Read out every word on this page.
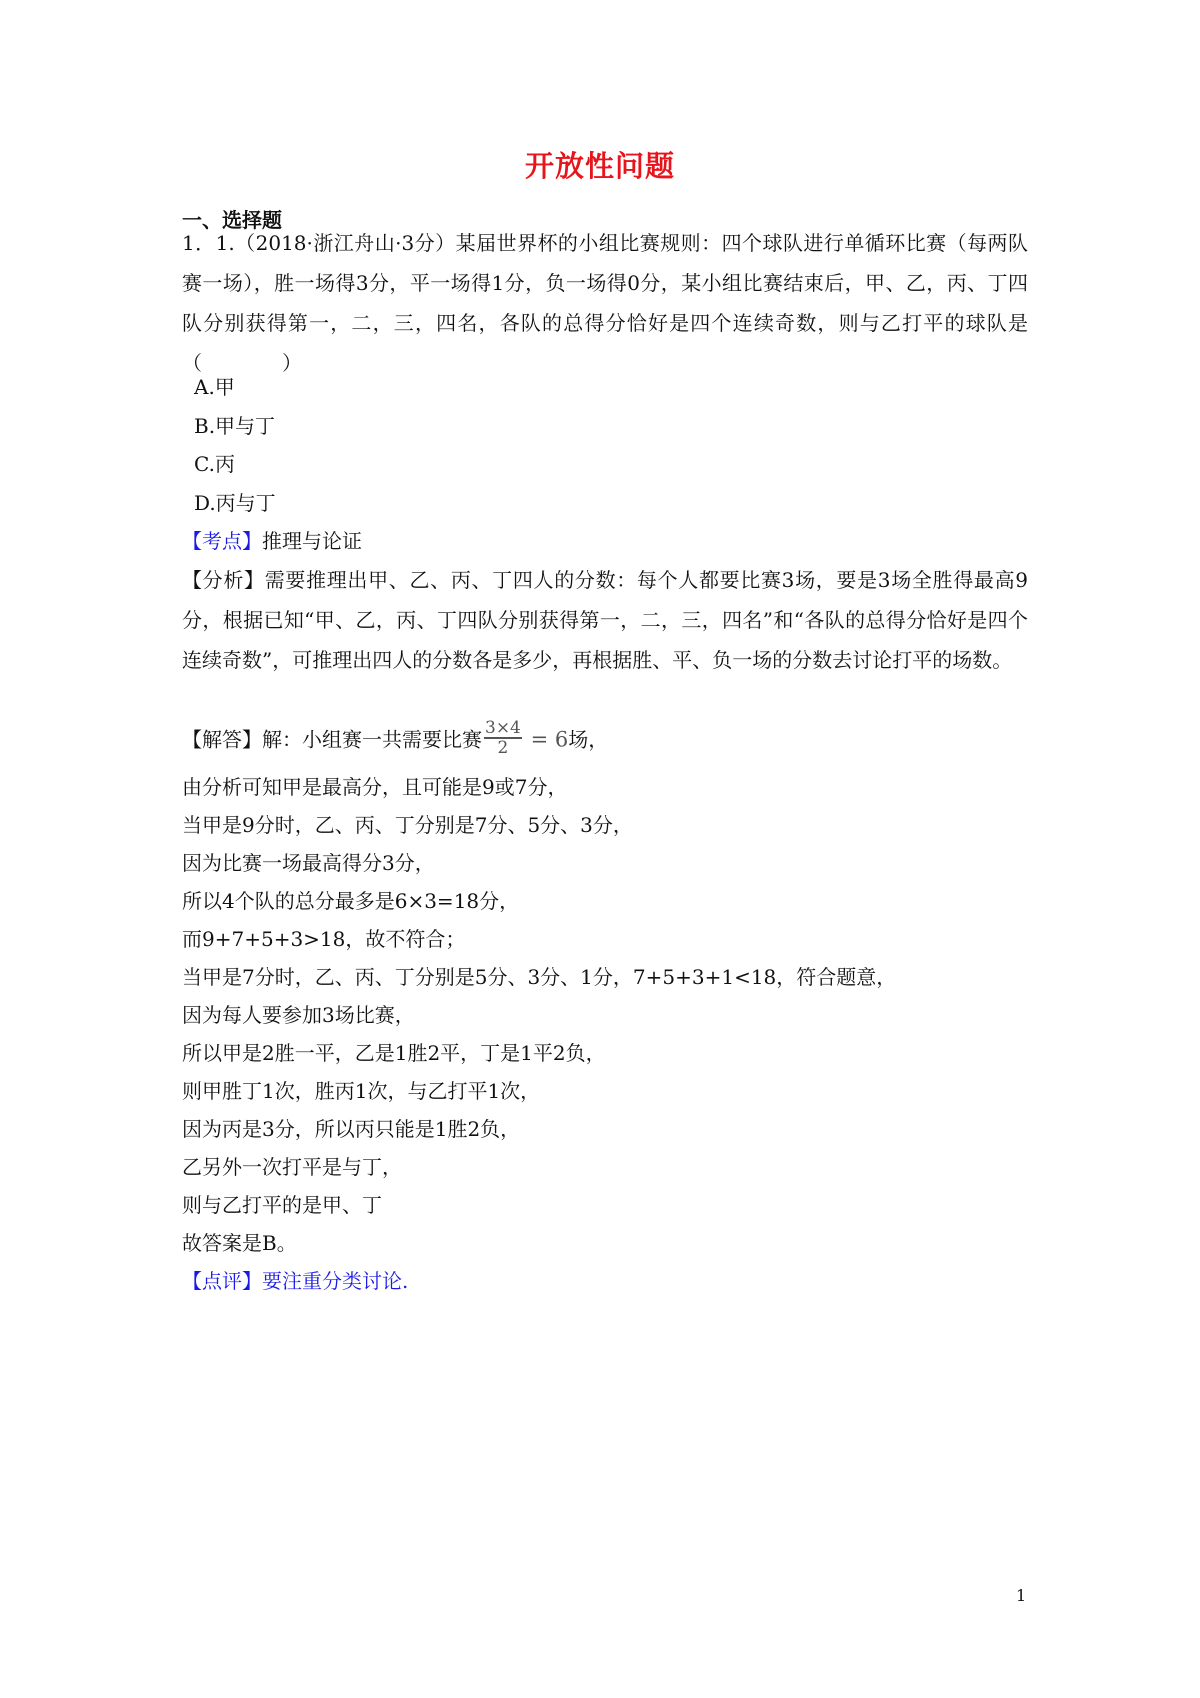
开放性问题
一、选择题
1．1.（2018·浙江舟山·3分）某届世界杯的小组比赛规则：四个球队进行单循环比赛（每两队赛一场），胜一场得3分，平一场得1分，负一场得0分，某小组比赛结束后，甲、乙，丙、丁四队分别获得第一，二，三，四名，各队的总得分恰好是四个连续奇数，则与乙打平的球队是（　　　　）
A.甲
B.甲与丁
C.丙
D.丙与丁
【考点】推理与论证
【分析】需要推理出甲、乙、丙、丁四人的分数：每个人都要比赛3场，要是3场全胜得最高9分，根据已知“甲、乙，丙、丁四队分别获得第一，二，三，四名”和“各队的总得分恰好是四个连续奇数”，可推理出四人的分数各是多少，再根据胜、平、负一场的分数去讨论打平的场数。
【解答】解：小组赛一共需要比赛 $\frac{3\times 4}{2} = 6$场，
由分析可知甲是最高分，且可能是9或7分，
当甲是9分时，乙、丙、丁分别是7分、5分、3分，
因为比赛一场最高得分3分，
所以4个队的总分最多是6×3=18分，
而9+7+5+3>18，故不符合；
当甲是7分时，乙、丙、丁分别是5分、3分、1分，7+5+3+1<18，符合题意，
因为每人要参加3场比赛，
所以甲是2胜一平，乙是1胜2平，丁是1平2负，
则甲胜丁1次，胜丙1次，与乙打平1次，
因为丙是3分，所以丙只能是1胜2负，
乙另外一次打平是与丁，
则与乙打平的是甲、丁
故答案是B。
【点评】要注重分类讨论.
1
